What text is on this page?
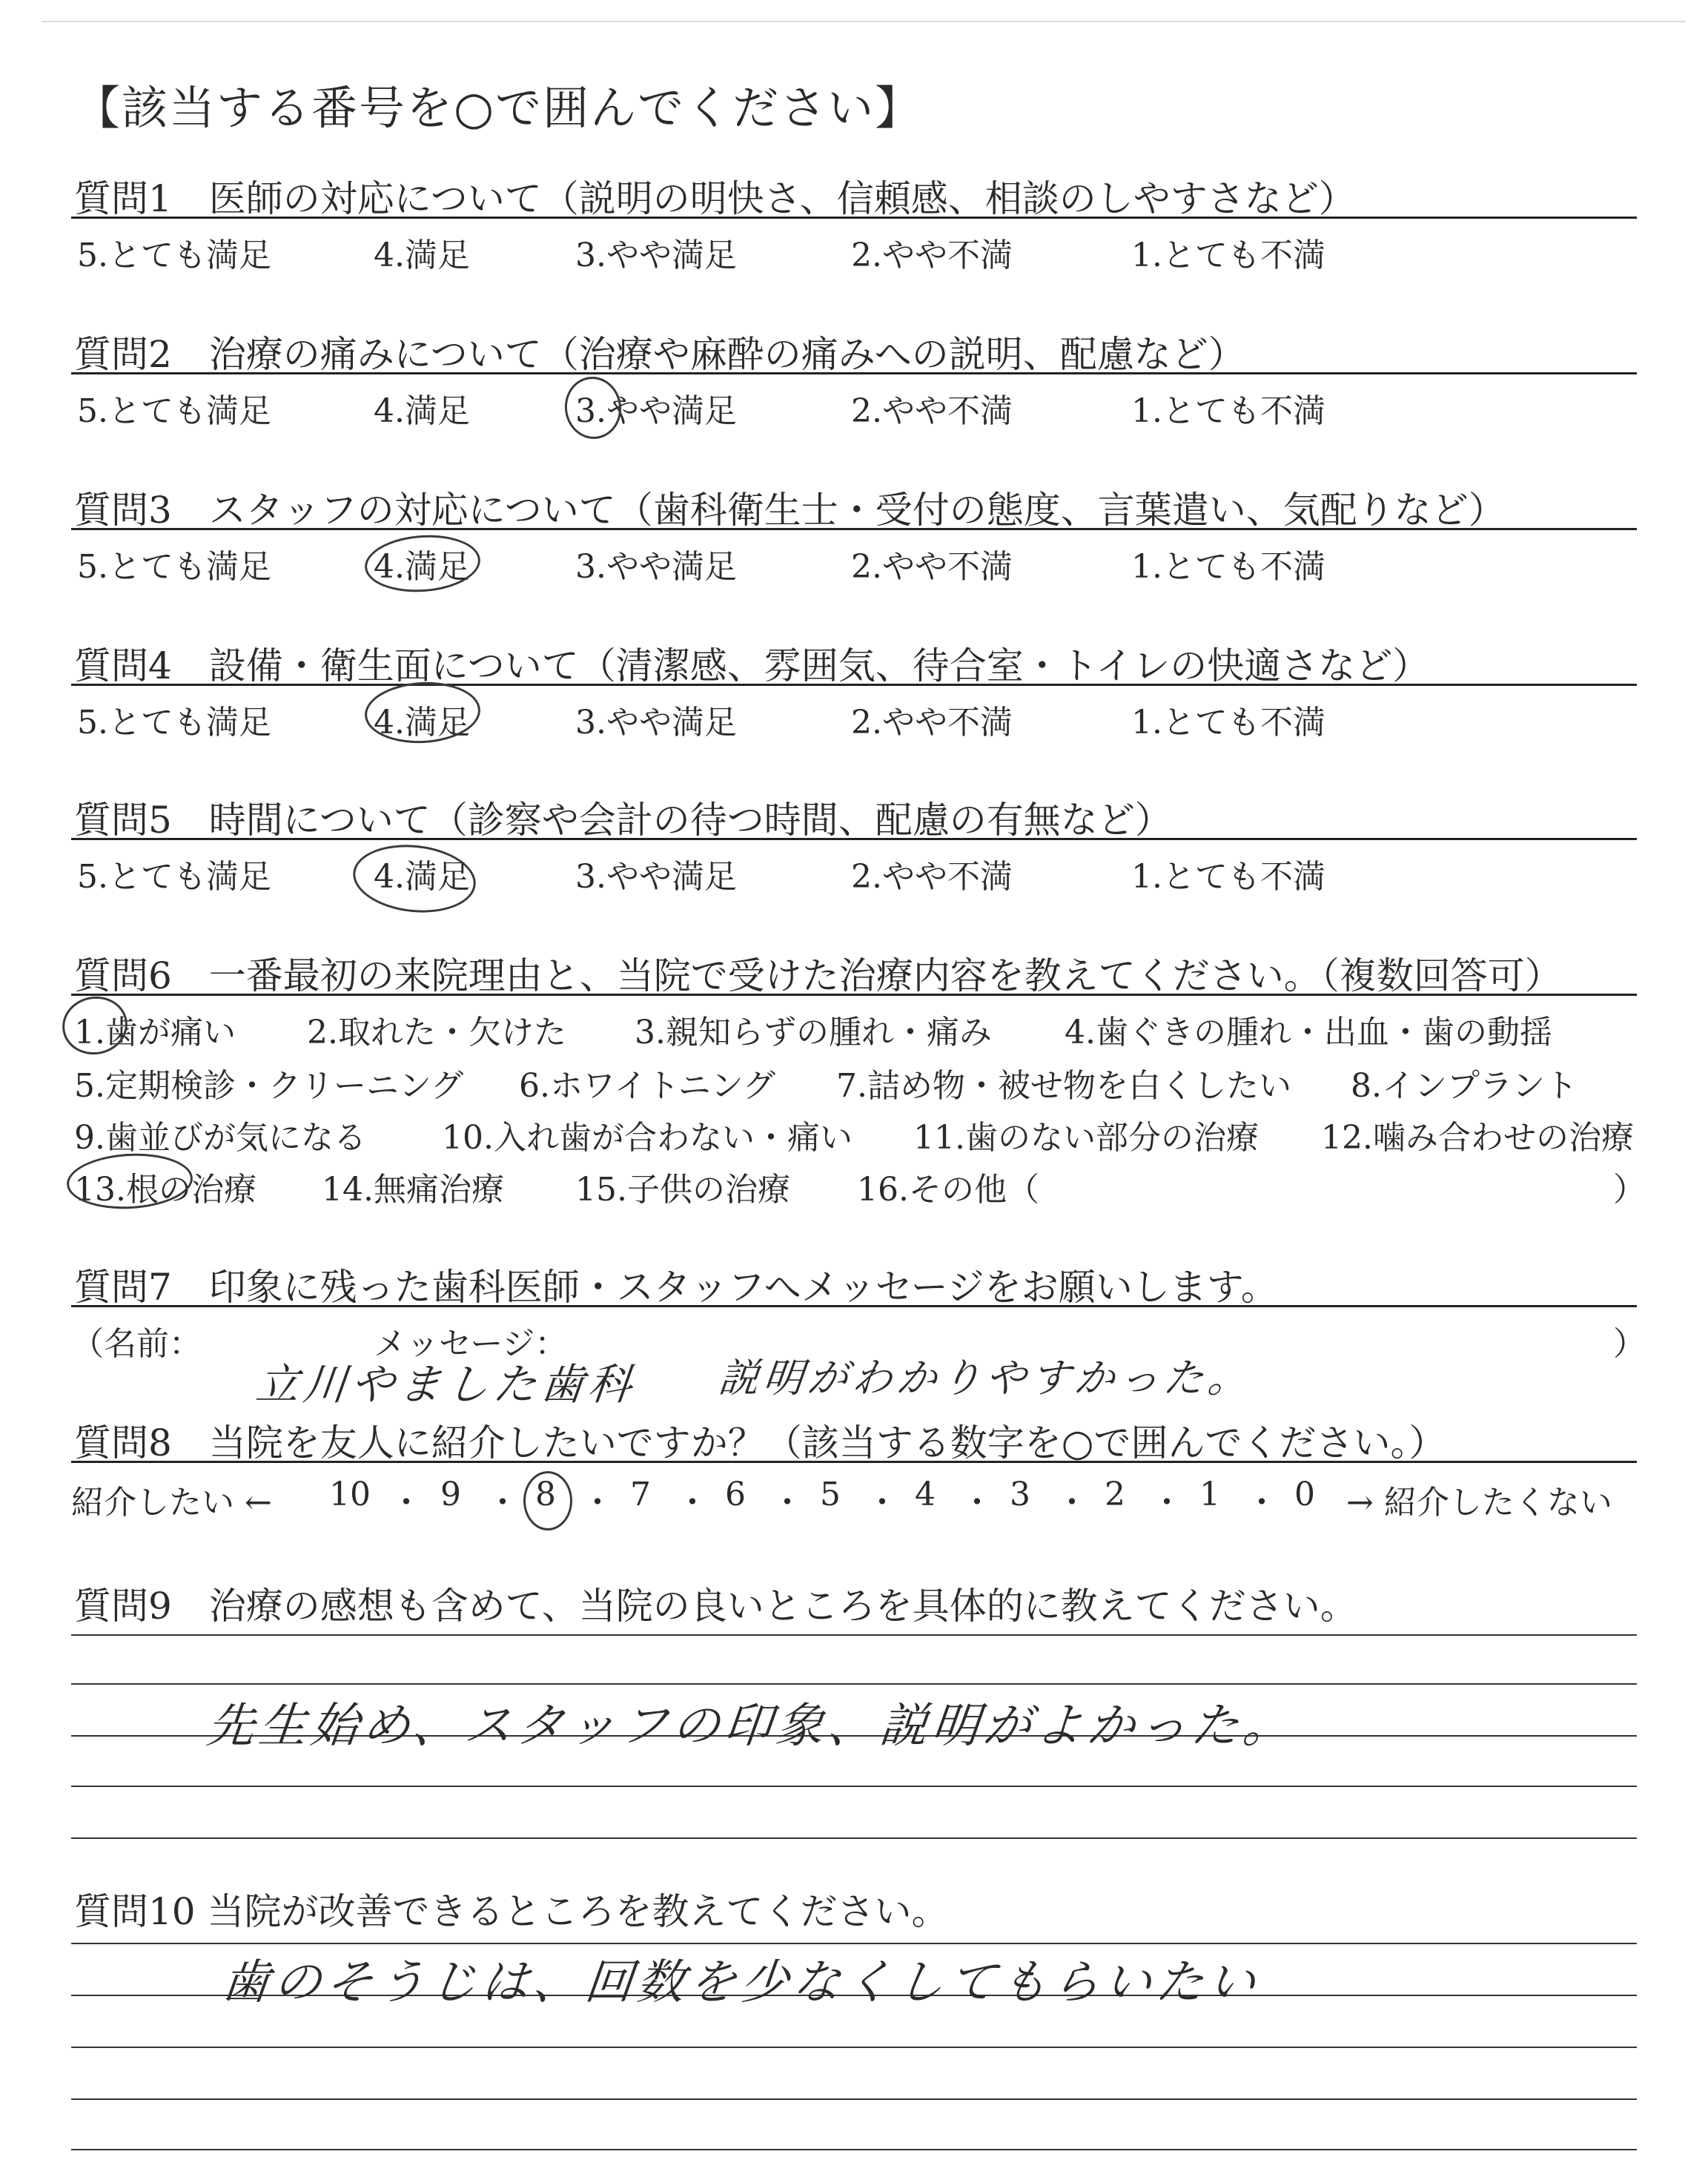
【該当する番号を○で囲んでください】
質問1　医師の対応について（説明の明快さ、信頼感、相談のしやすさなど）
5.とても満足	4.満足	3.やや満足	2.やや不満	1.とても不満
質問2　治療の痛みについて（治療や麻酔の痛みへの説明、配慮など）
5.とても満足	4.満足	3.やや満足	2.やや不満	1.とても不満
質問3　スタッフの対応について（歯科衛生士・受付の態度、言葉遣い、気配りなど）
5.とても満足	4.満足	3.やや満足	2.やや不満	1.とても不満
質問4　設備・衛生面について（清潔感、雰囲気、待合室・トイレの快適さなど）
5.とても満足	4.満足	3.やや満足	2.やや不満	1.とても不満
質問5　時間について（診察や会計の待つ時間、配慮の有無など）
5.とても満足	4.満足	3.やや満足	2.やや不満	1.とても不満
質問6　一番最初の来院理由と、当院で受けた治療内容を教えてください。（複数回答可）
1.歯が痛い 2.取れた・欠けた 3.親知らずの腫れ・痛み 4.歯ぐきの腫れ・出血・歯の動揺
5.定期検診・クリーニング 6.ホワイトニング 7.詰め物・被せ物を白くしたい 8.インプラント
9.歯並びが気になる 10.入れ歯が合わない・痛い 11.歯のない部分の治療 12.噛み合わせの治療
13.根の治療 14.無痛治療 15.子供の治療 16.その他（	）
質問7　印象に残った歯科医師・スタッフへメッセージをお願いします。
（名前：	メッセージ：	）
立川やました歯科 説明がわかりやすかった。
質問8　当院を友人に紹介したいですか？（該当する数字を○で囲んでください。）
紹介したい ← 10 ・ 9 ・ 8 ・ 7 ・ 6 ・ 5 ・ 4 ・ 3 ・ 2 ・ 1 ・ 0 → 紹介したくない
質問9　治療の感想も含めて、当院の良いところを具体的に教えてください。
先生始め、スタッフの印象、説明がよかった。
質問10 当院が改善できるところを教えてください。
歯のそうじは、回数を少なくしてもらいたい
